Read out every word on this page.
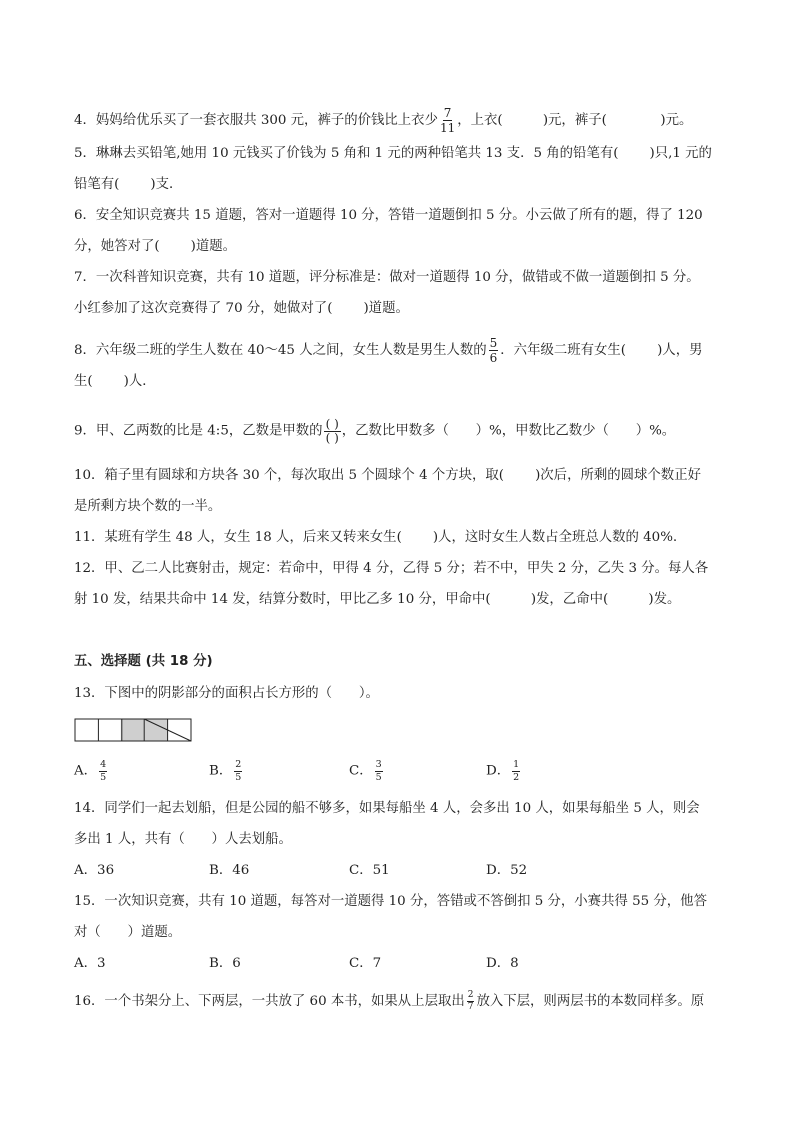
4．妈妈给优乐买了一套衣服共 300 元，裤子的价钱比上衣少 $\frac{7}{11}$ ，上衣(　　　)元，裤子(　　　　)元。
5．琳琳去买铅笔,她用 10 元钱买了价钱为 5 角和 1 元的两种铅笔共 13 支．5 角的铅笔有(　　 )只,1 元的
铅笔有(　　 )支．
6．安全知识竞赛共 15 道题，答对一道题得 10 分，答错一道题倒扣 5 分。小云做了所有的题，得了 120
分，她答对了(　　 )道题。
7．一次科普知识竞赛，共有 10 道题，评分标准是：做对一道题得 10 分，做错或不做一道题倒扣 5 分。
小红参加了这次竞赛得了 70 分，她做对了(　　 )道题。
8．六年级二班的学生人数在 40～45 人之间，女生人数是男生人数的 $\frac{5}{6}$ ．六年级二班有女生(　　 )人，男
生(　　 )人．
9．甲、乙两数的比是 4:5，乙数是甲数的 $\frac{( )}{( )}$ ，乙数比甲数多（　　）%，甲数比乙数少（　　）%。
10．箱子里有圆球和方块各 30 个，每次取出 5 个圆球个 4 个方块，取(　　 )次后，所剩的圆球个数正好
是所剩方块个数的一半。
11．某班有学生 48 人，女生 18 人，后来又转来女生(　　 )人，这时女生人数占全班总人数的 40%.
12．甲、乙二人比赛射击，规定：若命中，甲得 4 分，乙得 5 分；若不中，甲失 2 分，乙失 3 分。每人各
射 10 发，结果共命中 14 发，结算分数时，甲比乙多 10 分，甲命中(　　　)发，乙命中(　　　)发。
五、选择题 (共 18 分)
13．下图中的阴影部分的面积占长方形的（　　）。
A． $\frac{4}{5}$	B． $\frac{2}{5}$	C． $\frac{3}{5}$	D． $\frac{1}{2}$
14．同学们一起去划船，但是公园的船不够多，如果每船坐 4 人，会多出 10 人，如果每船坐 5 人，则会
多出 1 人，共有（　　）人去划船。
A．36	B．46	C．51	D．52
15．一次知识竞赛，共有 10 道题，每答对一道题得 10 分，答错或不答倒扣 5 分，小赛共得 55 分，他答
对（　　）道题。
A．3	B．6	C．7	D．8
16．一个书架分上、下两层，一共放了 60 本书，如果从上层取出 $\frac{2}{7}$ 放入下层，则两层书的本数同样多。原
